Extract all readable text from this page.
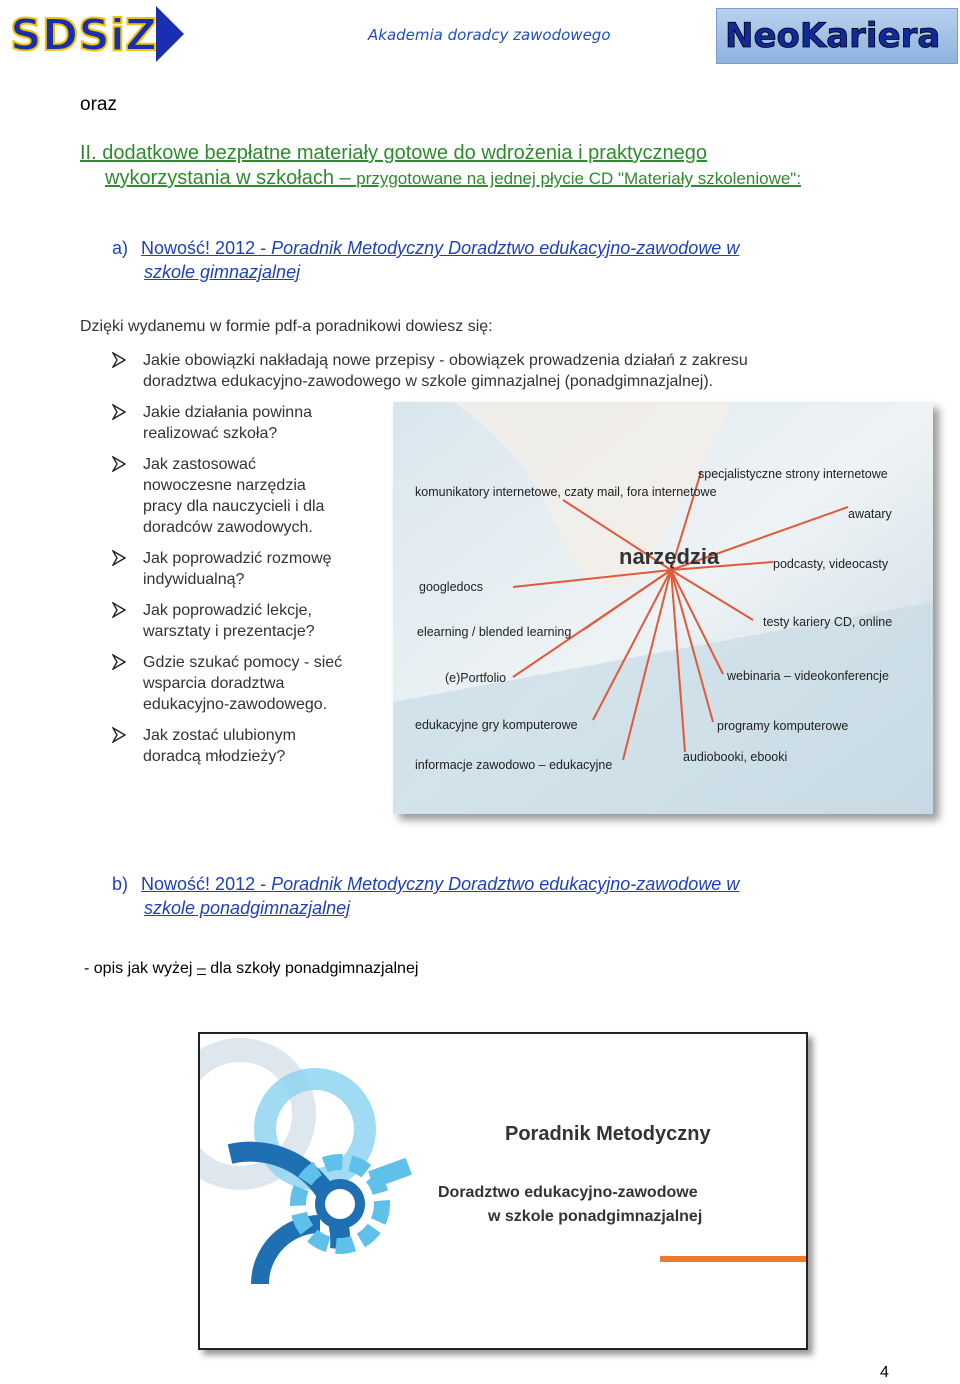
SDSiZ	Akademia doradcy zawodowego	NeoKariera
oraz
II. dodatkowe bezpłatne materiały gotowe do wdrożenia i praktycznego
wykorzystania w szkołach – przygotowane na jednej płycie CD "Materiały szkoleniowe":
a) Nowość! 2012 - Poradnik Metodyczny Doradztwo edukacyjno-zawodowe w
szkole gimnazjalnej
Dzięki wydanemu w formie pdf-a poradnikowi dowiesz się:
Jakie obowiązki nakładają nowe przepisy - obowiązek prowadzenia działań z zakresu
doradztwa edukacyjno-zawodowego w szkole gimnazjalnej (ponadgimnazjalnej).
Jakie działania powinna
realizować szkoła?
Jak zastosować
nowoczesne narzędzia
pracy dla nauczycieli i dla
doradców zawodowych.
Jak poprowadzić rozmowę
indywidualną?
Jak poprowadzić lekcje,
warsztaty i prezentacje?
Gdzie szukać pomocy - sieć
wsparcia doradztwa
edukacyjno-zawodowego.
Jak zostać ulubionym
doradcą młodzieży?
narzędzia
komunikatory internetowe, czaty mail, fora internetowe
specjalistyczne strony internetowe
awatary
googledocs
podcasty, videocasty
elearning / blended learning
testy kariery CD, online
(e)Portfolio	webinaria – videokonferencje
edukacyjne gry komputerowe	programy komputerowe
audiobooki, ebooki
informacje zawodowo – edukacyjne
b) Nowość! 2012 - Poradnik Metodyczny Doradztwo edukacyjno-zawodowe w
szkole ponadgimnazjalnej
- opis jak wyżej – dla szkoły ponadgimnazjalnej
Poradnik Metodyczny
Doradztwo edukacyjno-zawodowe
w szkole ponadgimnazjalnej
4
